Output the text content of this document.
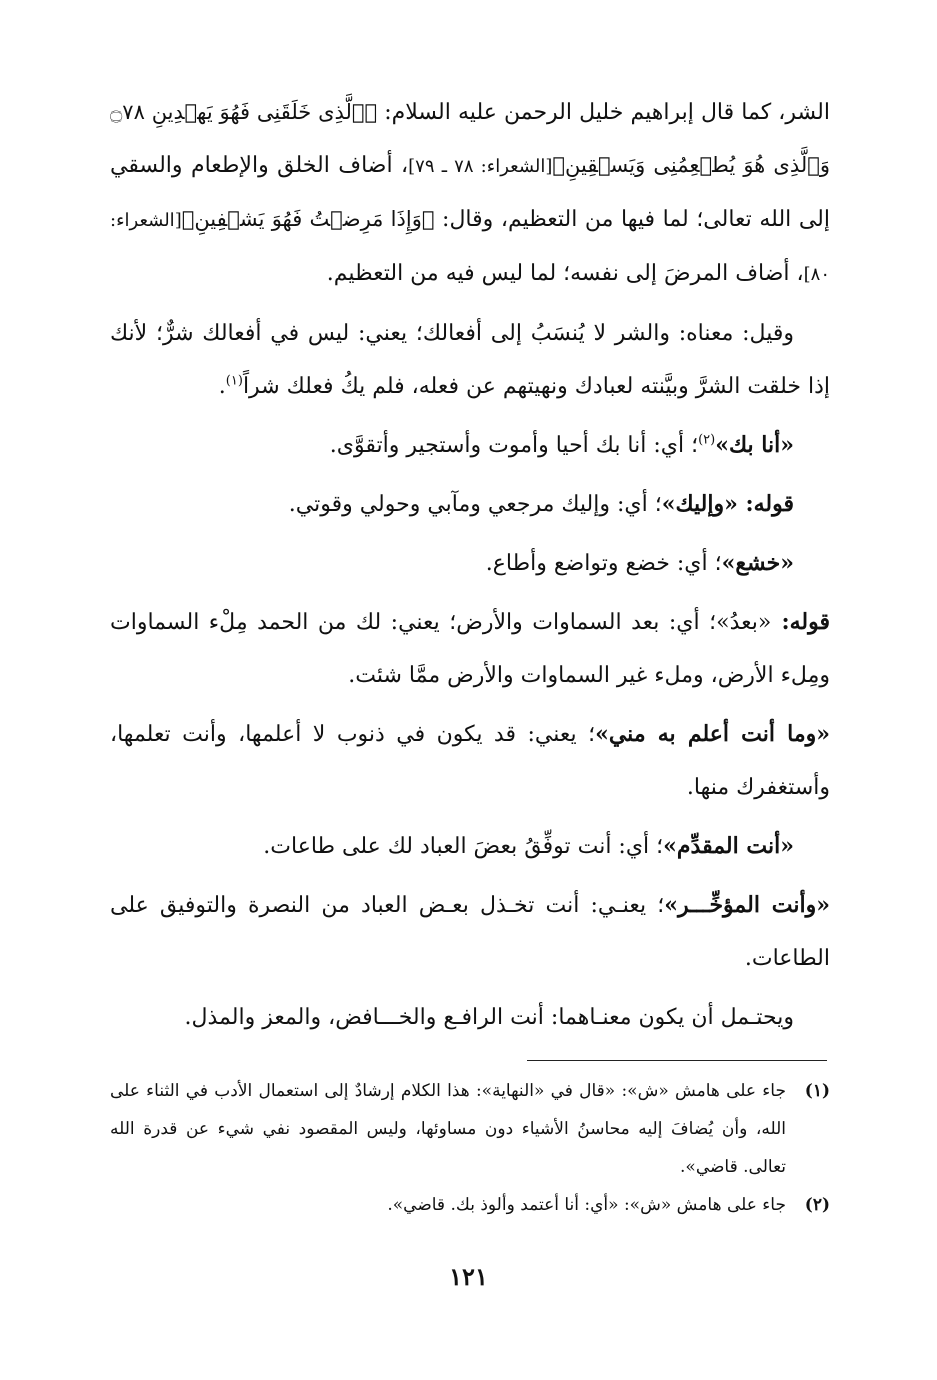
الشر، كما قال إبراهيم خليل الرحمن عليه السلام: ﴿ٱلَّذِى خَلَقَنِى فَهُوَ يَهۡدِينِ ۝٧٨ وَٱلَّذِى هُوَ يُطۡعِمُنِى وَيَسۡقِينِ﴾[الشعراء: ٧٨ ـ ٧٩]، أضاف الخلق والإطعام والسقي إلى الله تعالى؛ لما فيها من التعظيم، وقال: ﴿وَإِذَا مَرِضۡتُ فَهُوَ يَشۡفِينِ﴾[الشعراء: ٨٠]، أضاف المرضَ إلى نفسه؛ لما ليس فيه من التعظيم.

وقيل: معناه: والشر لا يُنسَبُ إلى أفعالك؛ يعني: ليس في أفعالك شرٌّ؛ لأنك إذا خلقت الشرَّ وبيَّنته لعبادك ونهيتهم عن فعله، فلم يكُ فعلك شراً$^{(١)}$.

«أنا بك»$^{(٢)}$؛ أي: أنا بك أحيا وأموت وأستجير وأتقوَّى.

قوله: «وإليك»؛ أي: وإليك مرجعي ومآبي وحولي وقوتي.

«خشع»؛ أي: خضع وتواضع وأطاع.

قوله: «بعدُ»؛ أي: بعد السماوات والأرض؛ يعني: لك من الحمد مِلْء السماوات ومِلء الأرض، وملء غير السماوات والأرض ممَّا شئت.

«وما أنت أعلم به مني»؛ يعني: قد يكون في ذنوب لا أعلمها، وأنت تعلمها، وأستغفرك منها.

«أنت المقدِّم»؛ أي: أنت توفِّقُ بعضَ العباد لك على طاعات.

«وأنت المؤخِّـــر»؛ يعنـي: أنت تخـذل بعـض العباد من النصرة والتوفيق على الطاعات.

ويحتـمل أن يكون معنـاهما: أنت الرافـع والخـــافض، والمعز والمذل.

(١)
جاء على هامش «ش»: «قال في «النهاية»: هذا الكلام إرشادٌ إلى استعمال الأدب في الثناء على الله، وأن يُضافَ إليه محاسنُ الأشياء دون مساوئها، وليس المقصود نفي شيء عن قدرة الله تعالى. قاضي».

(٢)
جاء على هامش «ش»: «أي: أنا أعتمد وألوذ بك. قاضي».

١٢١
